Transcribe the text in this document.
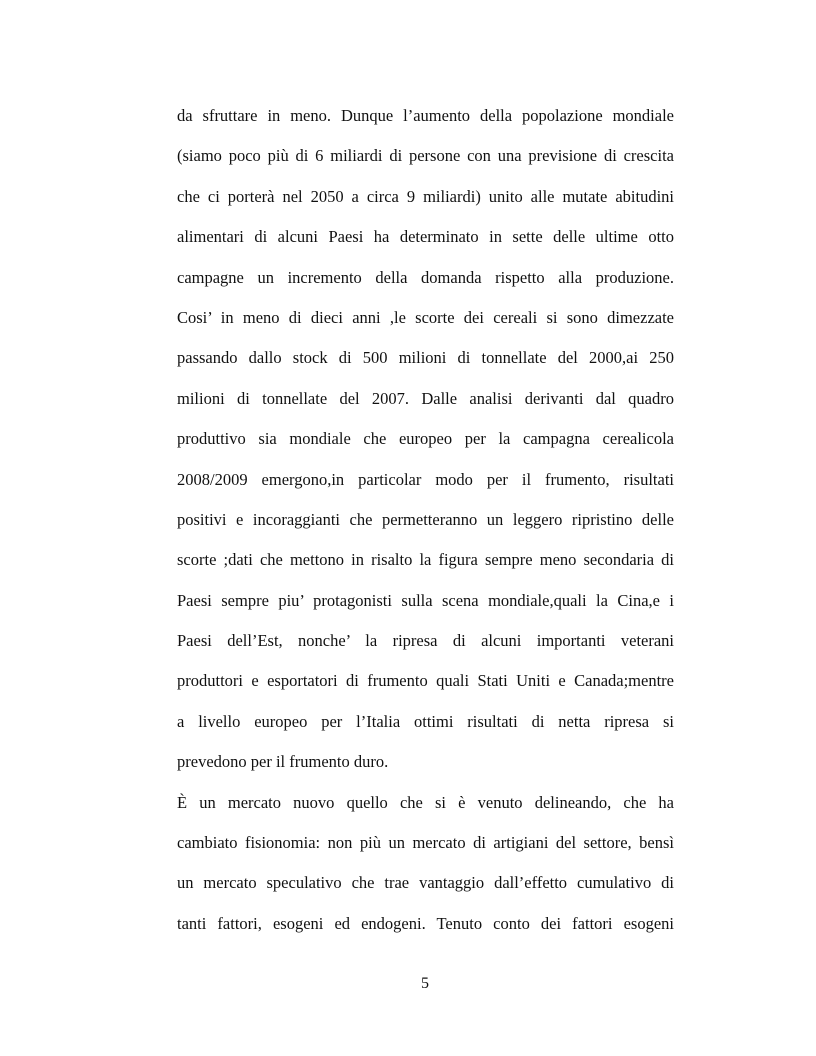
da sfruttare in meno. Dunque l’aumento della popolazione mondiale
(siamo poco più di 6 miliardi di persone con una previsione di crescita
che ci porterà nel 2050 a circa 9 miliardi) unito alle mutate abitudini
alimentari di alcuni Paesi ha determinato in sette delle ultime otto
campagne un incremento della domanda rispetto alla produzione.
Cosi’ in meno di dieci anni ,le scorte dei cereali si sono dimezzate
passando dallo stock di 500 milioni di tonnellate del 2000,ai 250
milioni di tonnellate del 2007. Dalle analisi derivanti dal quadro
produttivo sia mondiale che europeo per la campagna cerealicola
2008/2009 emergono,in particolar modo per il frumento, risultati
positivi e incoraggianti che permetteranno un leggero ripristino delle
scorte ;dati che mettono in risalto la figura sempre meno secondaria di
Paesi sempre piu’ protagonisti sulla scena mondiale,quali la Cina,e i
Paesi dell’Est, nonche’ la ripresa di alcuni importanti veterani
produttori e esportatori di frumento quali Stati Uniti e Canada;mentre
a livello europeo per l’Italia ottimi risultati di netta ripresa si
prevedono per il frumento duro.
È un mercato nuovo quello che si è venuto delineando, che ha
cambiato fisionomia: non più un mercato di artigiani del settore, bensì
un mercato speculativo che trae vantaggio dall’effetto cumulativo di
tanti fattori, esogeni ed endogeni. Tenuto conto dei fattori esogeni
5
